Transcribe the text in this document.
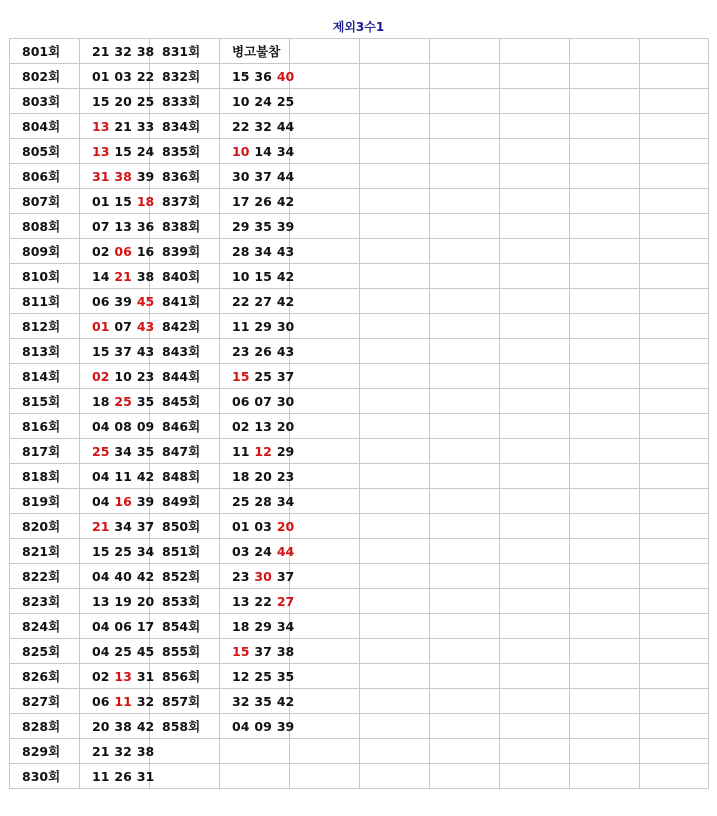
제외3수1
801회	21 32 38	831회	병고불참						
802회	01 03 22	832회	15 36 40						
803회	15 20 25	833회	10 24 25						
804회	13 21 33	834회	22 32 44						
805회	13 15 24	835회	10 14 34						
806회	31 38 39	836회	30 37 44						
807회	01 15 18	837회	17 26 42						
808회	07 13 36	838회	29 35 39						
809회	02 06 16	839회	28 34 43						
810회	14 21 38	840회	10 15 42						
811회	06 39 45	841회	22 27 42						
812회	01 07 43	842회	11 29 30						
813회	15 37 43	843회	23 26 43						
814회	02 10 23	844회	15 25 37						
815회	18 25 35	845회	06 07 30						
816회	04 08 09	846회	02 13 20						
817회	25 34 35	847회	11 12 29						
818회	04 11 42	848회	18 20 23						
819회	04 16 39	849회	25 28 34						
820회	21 34 37	850회	01 03 20						
821회	15 25 34	851회	03 24 44						
822회	04 40 42	852회	23 30 37						
823회	13 19 20	853회	13 22 27						
824회	04 06 17	854회	18 29 34						
825회	04 25 45	855회	15 37 38						
826회	02 13 31	856회	12 25 35						
827회	06 11 32	857회	32 35 42						
828회	20 38 42	858회	04 09 39						
829회	21 32 38								
830회	11 26 31								
